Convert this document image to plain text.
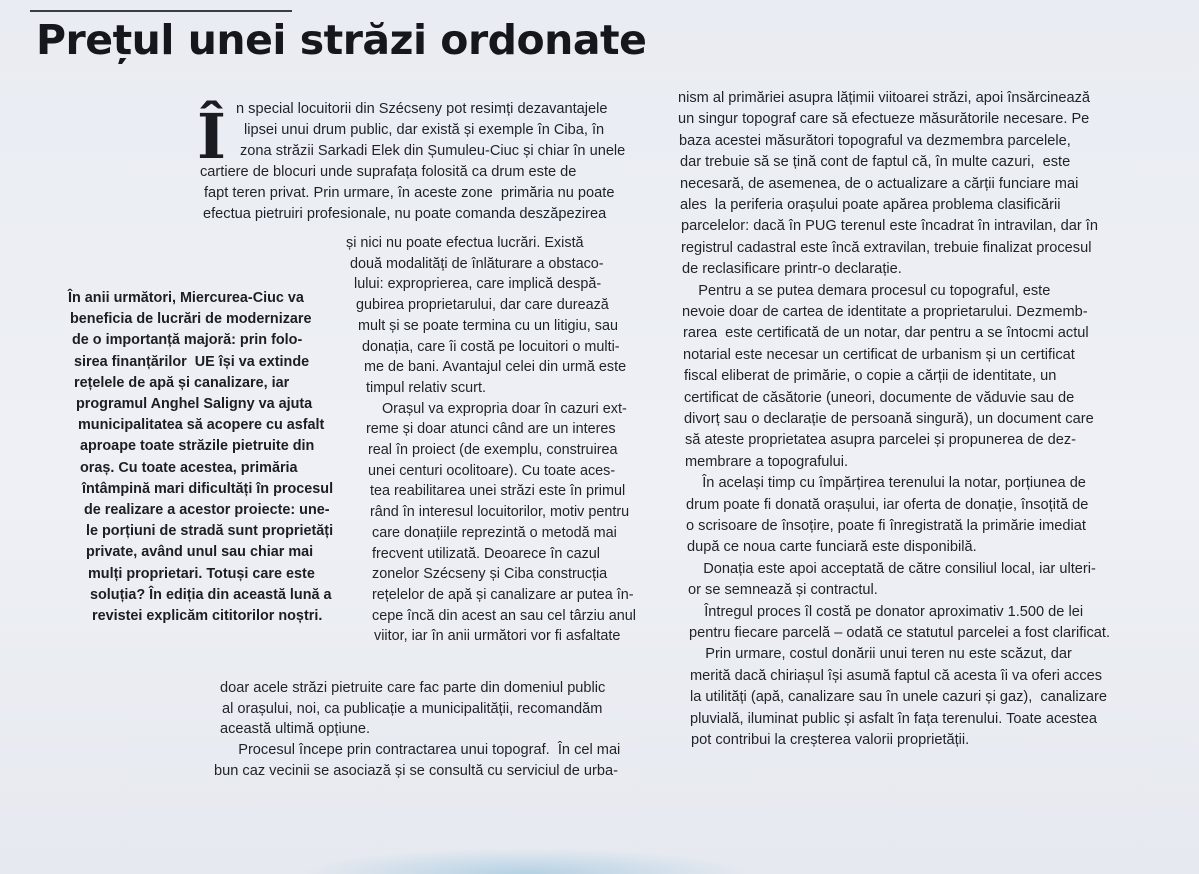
Prețul unei străzi ordonate
Î n special locuitorii din Szécseny pot resimți dezavantajele

lipsei unui drum public, dar există și exemple în Ciba, în

zona străzii Sarkadi Elek din Șumuleu-Ciuc și chiar în unele

cartiere de blocuri unde suprafața folosită ca drum este de

fapt teren privat. Prin urmare, în aceste zone  primăria nu poate

efectua pietruiri profesionale, nu poate comanda deszăpezirea

În anii următori, Miercurea-Ciuc va

beneficia de lucrări de modernizare

de o importanță majoră: prin folo-

sirea finanțărilor  UE își va extinde

rețelele de apă și canalizare, iar

programul Anghel Saligny va ajuta

municipalitatea să acopere cu asfalt

aproape toate străzile pietruite din

oraș. Cu toate acestea, primăria

întâmpină mari dificultăți în procesul

de realizare a acestor proiecte: une-

le porțiuni de stradă sunt proprietăți

private, având unul sau chiar mai

mulți proprietari. Totuși care este

soluția? În ediția din această lună a

revistei explicăm cititorilor noștri.

și nici nu poate efectua lucrări. Există

două modalități de înlăturare a obstaco-

lului: exproprierea, care implică despă-

gubirea proprietarului, dar care durează

mult și se poate termina cu un litigiu, sau

donația, care îi costă pe locuitori o multi-

me de bani. Avantajul celei din urmă este

timpul relativ scurt.

Orașul va expropria doar în cazuri ext-

reme și doar atunci când are un interes

real în proiect (de exemplu, construirea

unei centuri ocolitoare). Cu toate aces-

tea reabilitarea unei străzi este în primul

rând în interesul locuitorilor, motiv pentru

care donațiile reprezintă o metodă mai

frecvent utilizată. Deoarece în cazul

zonelor Szécseny și Ciba construcția

rețelelor de apă și canalizare ar putea în-

cepe încă din acest an sau cel târziu anul

viitor, iar în anii următori vor fi asfaltate

doar acele străzi pietruite care fac parte din domeniul public

al orașului, noi, ca publicație a municipalității, recomandăm

această ultimă opțiune.

Procesul începe prin contractarea unui topograf.  În cel mai

bun caz vecinii se asociază și se consultă cu serviciul de urba-

nism al primăriei asupra lățimii viitoarei străzi, apoi însărcinează

un singur topograf care să efectueze măsurătorile necesare. Pe

baza acestei măsurători topograful va dezmembra parcelele,

dar trebuie să se țină cont de faptul că, în multe cazuri,  este

necesară, de asemenea, de o actualizare a cărții funciare mai

ales  la periferia orașului poate apărea problema clasificării

parcelelor: dacă în PUG terenul este încadrat în intravilan, dar în

registrul cadastral este încă extravilan, trebuie finalizat procesul

de reclasificare printr-o declarație.

Pentru a se putea demara procesul cu topograful, este

nevoie doar de cartea de identitate a proprietarului. Dezmemb-

rarea  este certificată de un notar, dar pentru a se întocmi actul

notarial este necesar un certificat de urbanism și un certificat

fiscal eliberat de primărie, o copie a cărții de identitate, un

certificat de căsătorie (uneori, documente de văduvie sau de

divorț sau o declarație de persoană singură), un document care

să ateste proprietatea asupra parcelei și propunerea de dez-

membrare a topografului.

În același timp cu împărțirea terenului la notar, porțiunea de

drum poate fi donată orașului, iar oferta de donație, însoțită de

o scrisoare de însoțire, poate fi înregistrată la primărie imediat

după ce noua carte funciară este disponibilă.

Donația este apoi acceptată de către consiliul local, iar ulteri-

or se semnează și contractul.

Întregul proces îl costă pe donator aproximativ 1.500 de lei

pentru fiecare parcelă – odată ce statutul parcelei a fost clarificat.

Prin urmare, costul donării unui teren nu este scăzut, dar

merită dacă chiriașul își asumă faptul că acesta îi va oferi acces

la utilități (apă, canalizare sau în unele cazuri și gaz),  canalizare

pluvială, iluminat public și asfalt în fața terenului. Toate acestea

pot contribui la creșterea valorii proprietății.
